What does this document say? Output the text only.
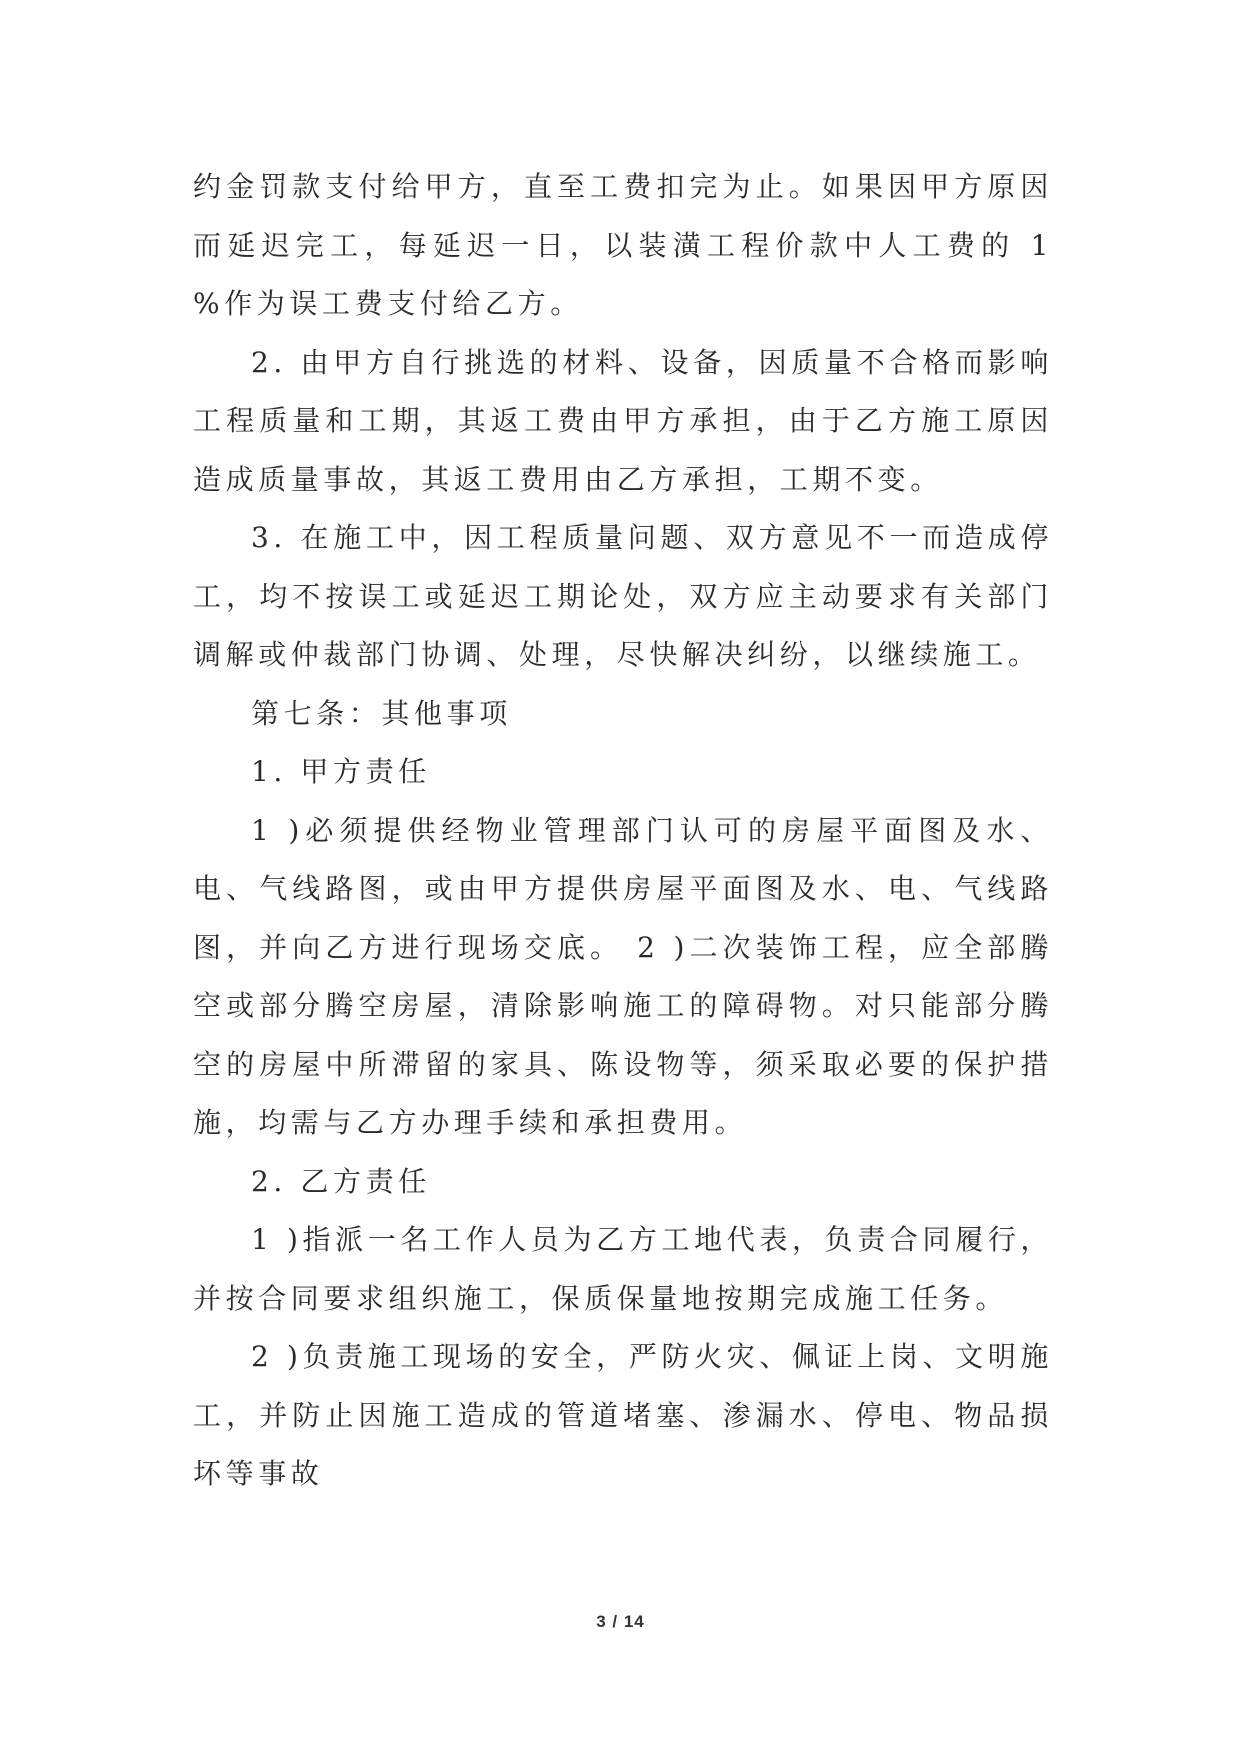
约金罚款支付给甲方，直至工费扣完为止。如果因甲方原因而延迟完工，每延迟一日，以装潢工程价款中人工费的 1 %作为误工费支付给乙方。

2. 由甲方自行挑选的材料、设备，因质量不合格而影响工程质量和工期，其返工费由甲方承担，由于乙方施工原因造成质量事故，其返工费用由乙方承担，工期不变。

3. 在施工中，因工程质量问题、双方意见不一而造成停工，均不按误工或延迟工期论处，双方应主动要求有关部门调解或仲裁部门协调、处理，尽快解决纠纷，以继续施工。

第七条：其他事项

1. 甲方责任

1 )必须提供经物业管理部门认可的房屋平面图及水、电、气线路图，或由甲方提供房屋平面图及水、电、气线路图，并向乙方进行现场交底。 2 )二次装饰工程，应全部腾空或部分腾空房屋，清除影响施工的障碍物。对只能部分腾空的房屋中所滞留的家具、陈设物等，须采取必要的保护措施，均需与乙方办理手续和承担费用。

2. 乙方责任

1 )指派一名工作人员为乙方工地代表，负责合同履行，并按合同要求组织施工，保质保量地按期完成施工任务。

2 )负责施工现场的安全，严防火灾、佩证上岗、文明施工，并防止因施工造成的管道堵塞、渗漏水、停电、物品损坏等事故

3 / 14
